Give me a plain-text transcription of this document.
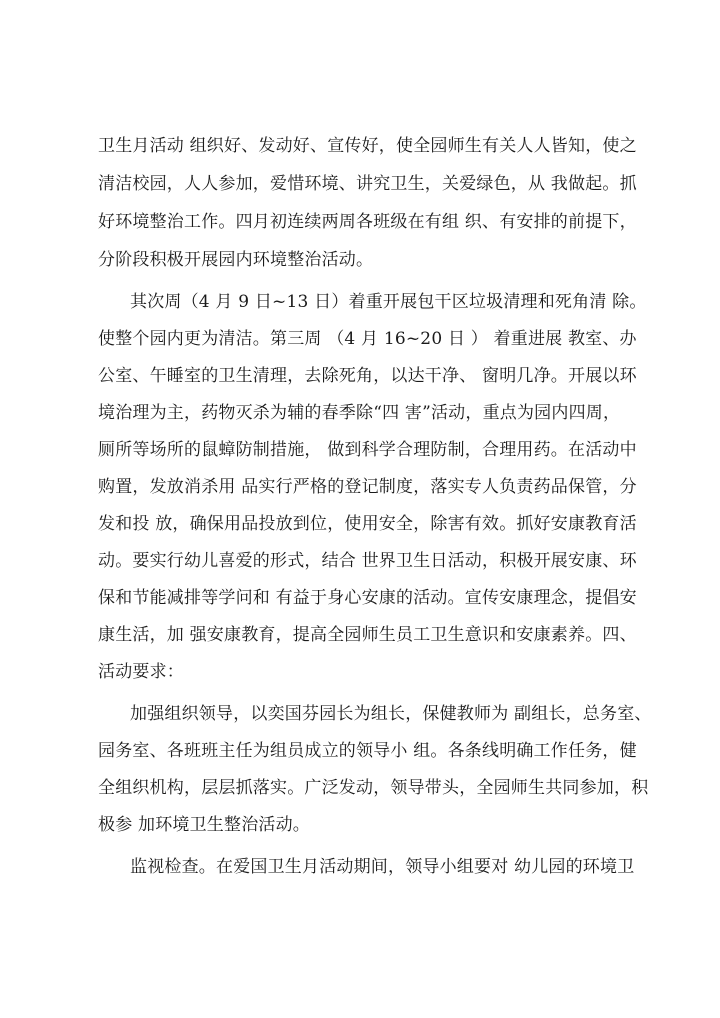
卫生月活动 组织好、发动好、宣传好，使全园师生有关人人皆知，使之
清洁校园，人人参加，爱惜环境、讲究卫生，关爱绿色，从 我做起。抓
好环境整治工作。四月初连续两周各班级在有组 织、有安排的前提下，
分阶段积极开展园内环境整治活动。
其次周（4 月 9 日~13 日）着重开展包干区垃圾清理和死角清 除。
使整个园内更为清洁。第三周 （4 月 16~20 日 ） 着重进展 教室、办
公室、午睡室的卫生清理，去除死角，以达干净、 窗明几净。开展以环
境治理为主，药物灭杀为辅的春季除“四 害”活动，重点为园内四周，
厕所等场所的鼠蟑防制措施， 做到科学合理防制，合理用药。在活动中
购置，发放消杀用 品实行严格的登记制度，落实专人负责药品保管，分
发和投 放，确保用品投放到位，使用安全，除害有效。抓好安康教育活
动。要实行幼儿喜爱的形式，结合 世界卫生日活动，积极开展安康、环
保和节能减排等学问和 有益于身心安康的活动。宣传安康理念，提倡安
康生活，加 强安康教育，提高全园师生员工卫生意识和安康素养。四、
活动要求：
加强组织领导，以奕国芬园长为组长，保健教师为 副组长，总务室、
园务室、各班班主任为组员成立的领导小 组。各条线明确工作任务，健
全组织机构，层层抓落实。广泛发动，领导带头，全园师生共同参加，积
极参 加环境卫生整治活动。
监视检查。在爱国卫生月活动期间，领导小组要对 幼儿园的环境卫
